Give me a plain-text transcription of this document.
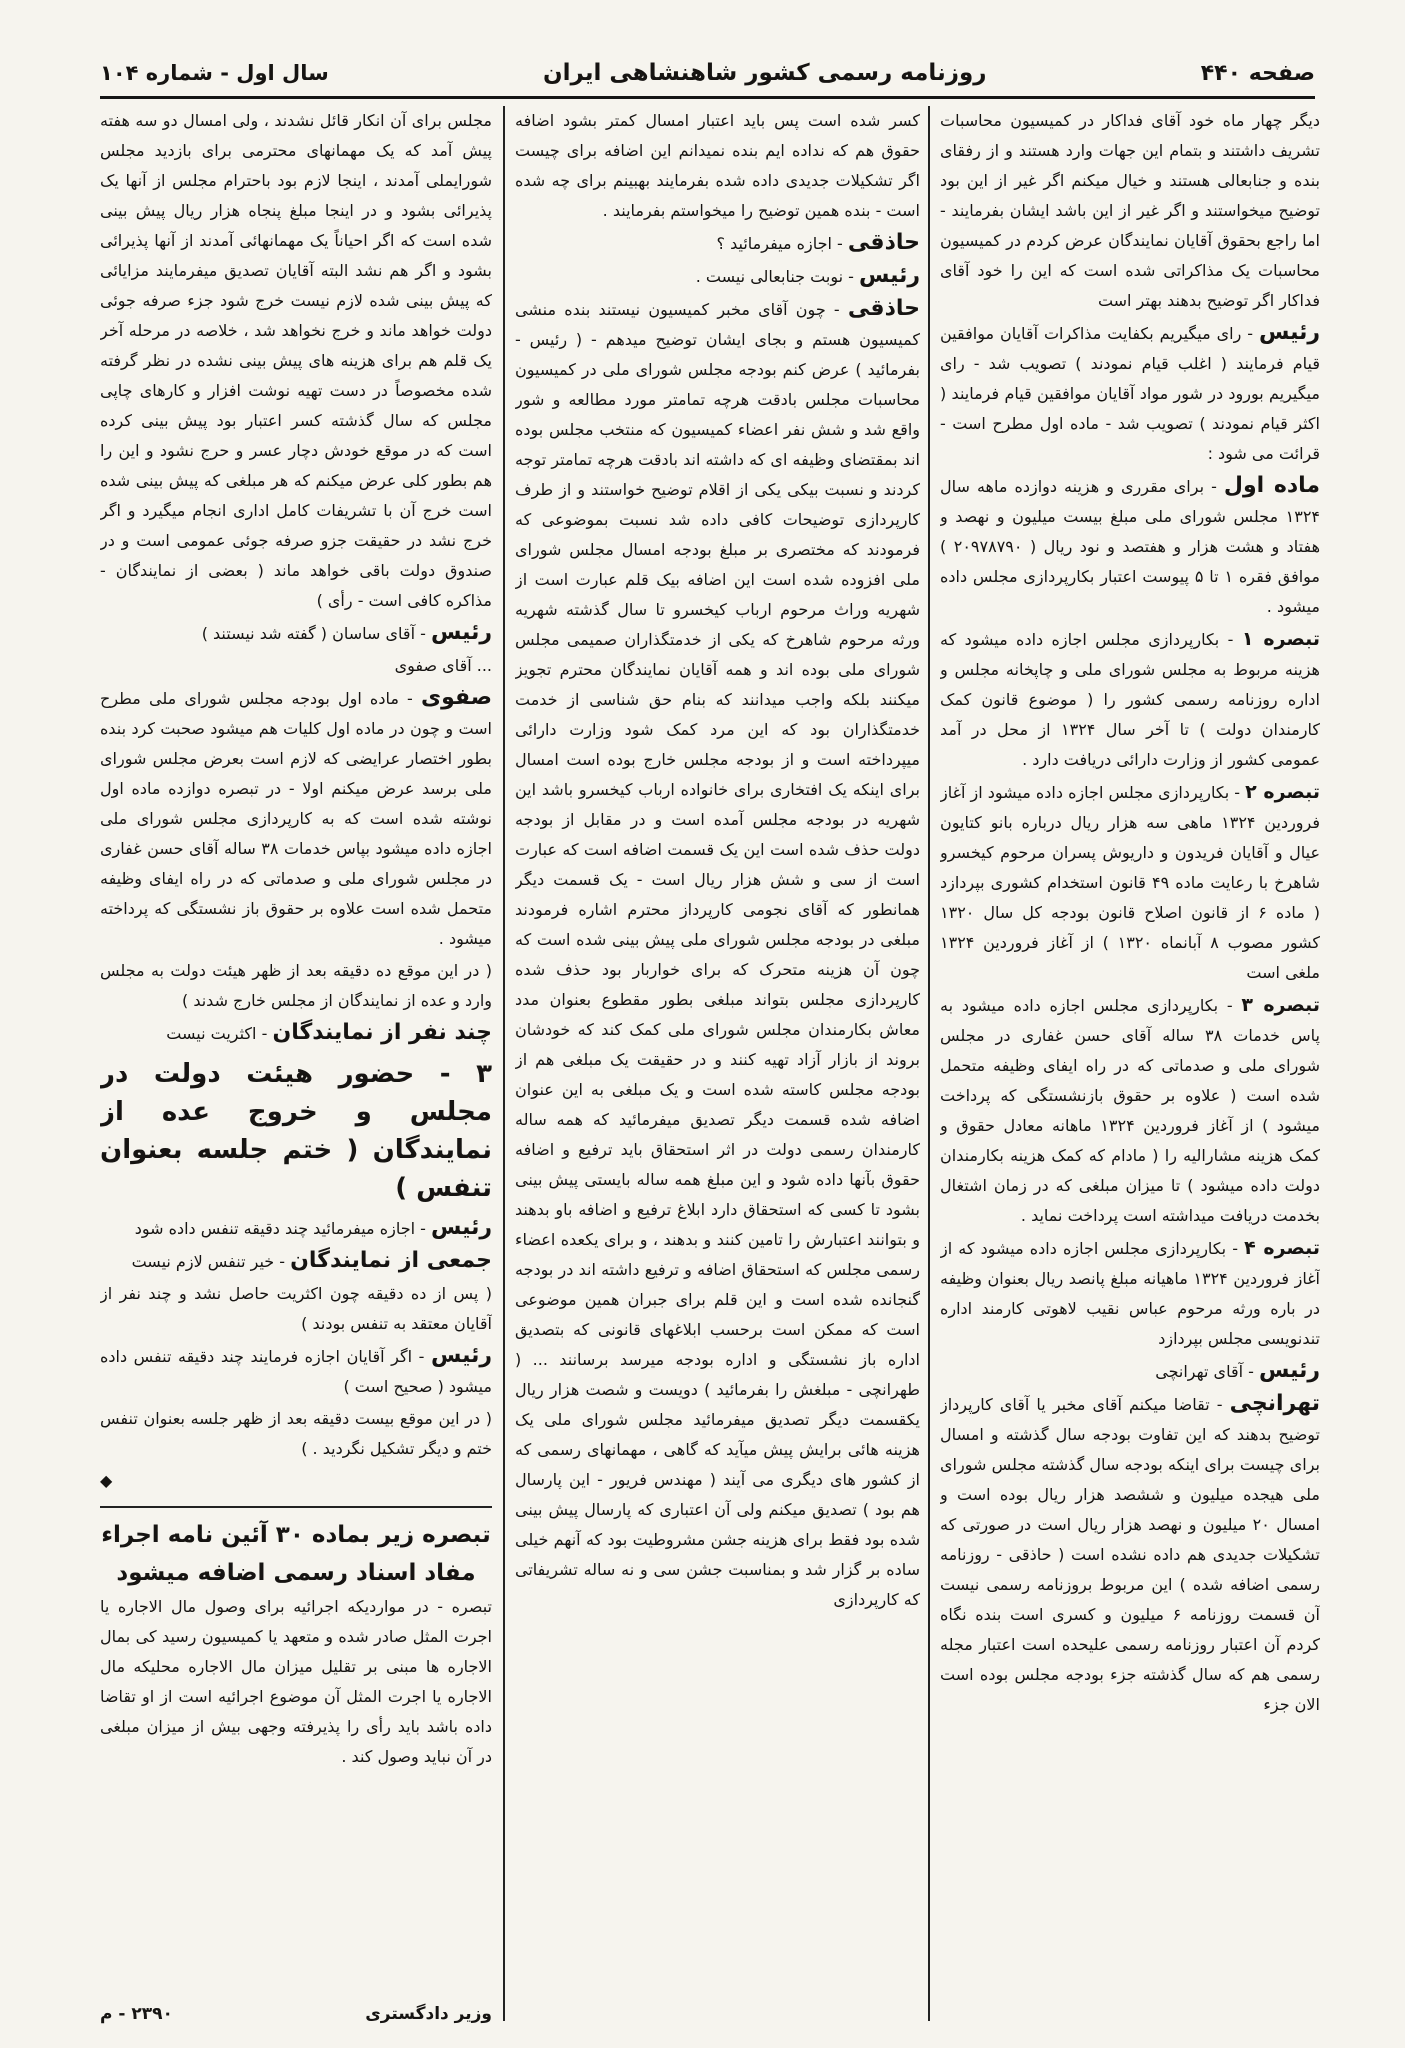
صفحه ۴۴۰
روزنامه رسمی کشور شاهنشاهی ایران
سال اول - شماره ۱۰۴

دیگر چهار ماه خود آقای فداکار در کمیسیون محاسبات تشریف داشتند و بتمام این جهات وارد هستند و از رفقای بنده و جنابعالی هستند و خیال میکنم اگر غیر از این بود توضیح میخواستند و اگر غیر از این باشد ایشان بفرمایند - اما راجع بحقوق آقایان نمایندگان عرض کردم در کمیسیون محاسبات یک مذاکراتی شده است که این را خود آقای فداکار اگر توضیح بدهند بهتر است

رئیس - رای میگیریم بکفایت مذاکرات آقایان موافقین قیام فرمایند ( اغلب قیام نمودند ) تصویب شد - رای میگیریم بورود در شور مواد آقایان موافقین قیام فرمایند ( اکثر قیام نمودند ) تصویب شد - ماده اول مطرح است - قرائت می شود :

ماده اول - برای مقرری و هزینه دوازده ماهه سال ۱۳۲۴ مجلس شورای ملی مبلغ بیست میلیون و نهصد و هفتاد و هشت هزار و هفتصد و نود ریال ( ۲۰۹۷۸۷۹۰ ) موافق فقره ۱ تا ۵ پیوست اعتبار بکارپردازی مجلس داده میشود .

تبصره ۱ - بکارپردازی مجلس اجازه داده میشود که هزینه مربوط به مجلس شورای ملی و چاپخانه مجلس و اداره روزنامه رسمی کشور را ( موضوع قانون کمک کارمندان دولت ) تا آخر سال ۱۳۲۴ از محل در آمد عمومی کشور از وزارت دارائی دریافت دارد .

تبصره ۲ - بکارپردازی مجلس اجازه داده میشود از آغاز فروردین ۱۳۲۴ ماهی سه هزار ریال درباره بانو کتایون عیال و آقایان فریدون و داریوش پسران مرحوم کیخسرو شاهرخ با رعایت ماده ۴۹ قانون استخدام کشوری بپردازد ( ماده ۶ از قانون اصلاح قانون بودجه کل سال ۱۳۲۰ کشور مصوب ۸ آبانماه ۱۳۲۰ ) از آغاز فروردین ۱۳۲۴ ملغی است

تبصره ۳ - بکارپردازی مجلس اجازه داده میشود به پاس خدمات ۳۸ ساله آقای حسن غفاری در مجلس شورای ملی و صدماتی که در راه ایفای وظیفه متحمل شده است ( علاوه بر حقوق بازنشستگی که پرداخت میشود ) از آغاز فروردین ۱۳۲۴ ماهانه معادل حقوق و کمک هزینه مشارالیه را ( مادام که کمک هزینه بکارمندان دولت داده میشود ) تا میزان مبلغی که در زمان اشتغال بخدمت دریافت میداشته است پرداخت نماید .

تبصره ۴ - بکارپردازی مجلس اجازه داده میشود که از آغاز فروردین ۱۳۲۴ ماهیانه مبلغ پانصد ریال بعنوان وظیفه در باره ورثه مرحوم عباس نقیب لاهوتی کارمند اداره تندنویسی مجلس بپردازد

رئیس - آقای تهرانچی

تهرانچی - تقاضا میکنم آقای مخبر یا آقای کارپرداز توضیح بدهند که این تفاوت بودجه سال گذشته و امسال برای چیست برای اینکه بودجه سال گذشته مجلس شورای ملی هیجده میلیون و ششصد هزار ریال بوده است و امسال ۲۰ میلیون و نهصد هزار ریال است در صورتی که تشکیلات جدیدی هم داده نشده است ( حاذقی - روزنامه رسمی اضافه شده ) این مربوط بروزنامه رسمی نیست آن قسمت روزنامه ۶ میلیون و کسری است بنده نگاه کردم آن اعتبار روزنامه رسمی علیحده است اعتبار مجله رسمی هم که سال گذشته جزء بودجه مجلس بوده است الان جزء

کسر شده است پس باید اعتبار امسال کمتر بشود اضافه حقوق هم که نداده ایم بنده نمیدانم این اضافه برای چیست اگر تشکیلات جدیدی داده شده بفرمایند بهبینم برای چه شده است - بنده همین توضیح را میخواستم بفرمایند .

حاذقی - اجازه میفرمائید ؟

رئیس - نوبت جنابعالی نیست .

حاذقی - چون آقای مخبر کمیسیون نیستند بنده منشی کمیسیون هستم و بجای ایشان توضیح میدهم - ( رئیس - بفرمائید ) عرض کنم بودجه مجلس شورای ملی در کمیسیون محاسبات مجلس بادقت هرچه تمامتر مورد مطالعه و شور واقع شد و شش نفر اعضاء کمیسیون که منتخب مجلس بوده اند بمقتضای وظیفه ای که داشته اند بادقت هرچه تمامتر توجه کردند و نسبت بیکی یکی از اقلام توضیح خواستند و از طرف کارپردازی توضیحات کافی داده شد نسبت بموضوعی که فرمودند که مختصری بر مبلغ بودجه امسال مجلس شورای ملی افزوده شده است این اضافه بیک قلم عبارت است از شهریه وراث مرحوم ارباب کیخسرو تا سال گذشته شهریه ورثه مرحوم شاهرخ که یکی از خدمتگذاران صمیمی مجلس شورای ملی بوده اند و همه آقایان نمایندگان محترم تجویز میکنند بلکه واجب میدانند که بنام حق شناسی از خدمت خدمتگذاران بود که این مرد کمک شود وزارت دارائی میپرداخته است و از بودجه مجلس خارج بوده است امسال برای اینکه یک افتخاری برای خانواده ارباب کیخسرو باشد این شهریه در بودجه مجلس آمده است و در مقابل از بودجه دولت حذف شده است این یک قسمت اضافه است که عبارت است از سی و شش هزار ریال است - یک قسمت دیگر همانطور که آقای نجومی کارپرداز محترم اشاره فرمودند مبلغی در بودجه مجلس شورای ملی پیش بینی شده است که چون آن هزینه متحرک که برای خواربار بود حذف شده کارپردازی مجلس بتواند مبلغی بطور مقطوع بعنوان مدد معاش بکارمندان مجلس شورای ملی کمک کند که خودشان بروند از بازار آزاد تهیه کنند و در حقیقت یک مبلغی هم از بودجه مجلس کاسته شده است و یک مبلغی به این عنوان اضافه شده قسمت دیگر تصدیق میفرمائید که همه ساله کارمندان رسمی دولت در اثر استحقاق باید ترفیع و اضافه حقوق بآنها داده شود و این مبلغ همه ساله بایستی پیش بینی بشود تا کسی که استحقاق دارد ابلاغ ترفیع و اضافه باو بدهند و بتوانند اعتبارش را تامین کنند و بدهند ، و برای یکعده اعضاء رسمی مجلس که استحقاق اضافه و ترفیع داشته اند در بودجه گنجانده شده است و این قلم برای جبران همین موضوعی است که ممکن است برحسب ابلاغهای قانونی که بتصدیق اداره باز نشستگی و اداره بودجه میرسد برسانند ... ( طهرانچی - مبلغش را بفرمائید ) دویست و شصت هزار ریال یکقسمت دیگر تصدیق میفرمائید مجلس شورای ملی یک هزینه هائی برایش پیش میآید که گاهی ، مهمانهای رسمی که از کشور های دیگری می آیند ( مهندس فریور - این پارسال هم بود ) تصدیق میکنم ولی آن اعتباری که پارسال پیش بینی شده بود فقط برای هزینه جشن مشروطیت بود که آنهم خیلی ساده بر گزار شد و بمناسبت جشن سی و نه ساله تشریفاتی که کارپردازی

مجلس برای آن انکار قائل نشدند ، ولی امسال دو سه هفته پیش آمد که یک مهمانهای محترمی برای بازدید مجلس شورایملی آمدند ، اینجا لازم بود باحترام مجلس از آنها یک پذیرائی بشود و در اینجا مبلغ پنجاه هزار ریال پیش بینی شده است که اگر احیاناً یک مهمانهائی آمدند از آنها پذیرائی بشود و اگر هم نشد البته آقایان تصدیق میفرمایند مزایائی که پیش بینی شده لازم نیست خرج شود جزء صرفه جوئی دولت خواهد ماند و خرج نخواهد شد ، خلاصه در مرحله آخر یک قلم هم برای هزینه های پیش بینی نشده در نظر گرفته شده مخصوصاً در دست تهیه نوشت افزار و کارهای چاپی مجلس که سال گذشته کسر اعتبار بود پیش بینی کرده است که در موقع خودش دچار عسر و حرج نشود و این را هم بطور کلی عرض میکنم که هر مبلغی که پیش بینی شده است خرج آن با تشریفات کامل اداری انجام میگیرد و اگر خرج نشد در حقیقت جزو صرفه جوئی عمومی است و در صندوق دولت باقی خواهد ماند ( بعضی از نمایندگان - مذاکره کافی است - رأی )

رئیس - آقای ساسان ( گفته شد نیستند )

... آقای صفوی

صفوی - ماده اول بودجه مجلس شورای ملی مطرح است و چون در ماده اول کلیات هم میشود صحبت کرد بنده بطور اختصار عرایضی که لازم است بعرض مجلس شورای ملی برسد عرض میکنم اولا - در تبصره دوازده ماده اول نوشته شده است که به کارپردازی مجلس شورای ملی اجازه داده میشود بپاس خدمات ۳۸ ساله آقای حسن غفاری در مجلس شورای ملی و صدماتی که در راه ایفای وظیفه متحمل شده است علاوه بر حقوق باز نشستگی که پرداخته میشود .

( در این موقع ده دقیقه بعد از ظهر هیئت دولت به مجلس وارد و عده از نمایندگان از مجلس خارج شدند )

چند نفر از نمایندگان - اکثریت نیست

۳ - حضور هیئت دولت در مجلس و خروج عده از نمایندگان ( ختم جلسه بعنوان تنفس )

رئیس - اجازه میفرمائید چند دقیقه تنفس داده شود

جمعی از نمایندگان - خیر تنفس لازم نیست

( پس از ده دقیقه چون اکثریت حاصل نشد و چند نفر از آقایان معتقد به تنفس بودند )

رئیس - اگر آقایان اجازه فرمایند چند دقیقه تنفس داده میشود ( صحیح است )

( در این موقع بیست دقیقه بعد از ظهر جلسه بعنوان تنفس ختم و دیگر تشکیل نگردید . )

◆

تبصره زیر بماده ۳۰ آئین نامه اجراء مفاد اسناد رسمی اضافه میشود

تبصره - در مواردیکه اجرائیه برای وصول مال الاجاره یا اجرت المثل صادر شده و متعهد یا کمیسیون رسید کی بمال الاجاره ها مبنی بر تقلیل میزان مال الاجاره محلیکه مال الاجاره یا اجرت المثل آن موضوع اجرائیه است از او تقاضا داده باشد باید رأی را پذیرفته وجهی بیش از میزان مبلغی در آن نباید وصول کند .

وزیر دادگستری
۲۳۹۰ - م
